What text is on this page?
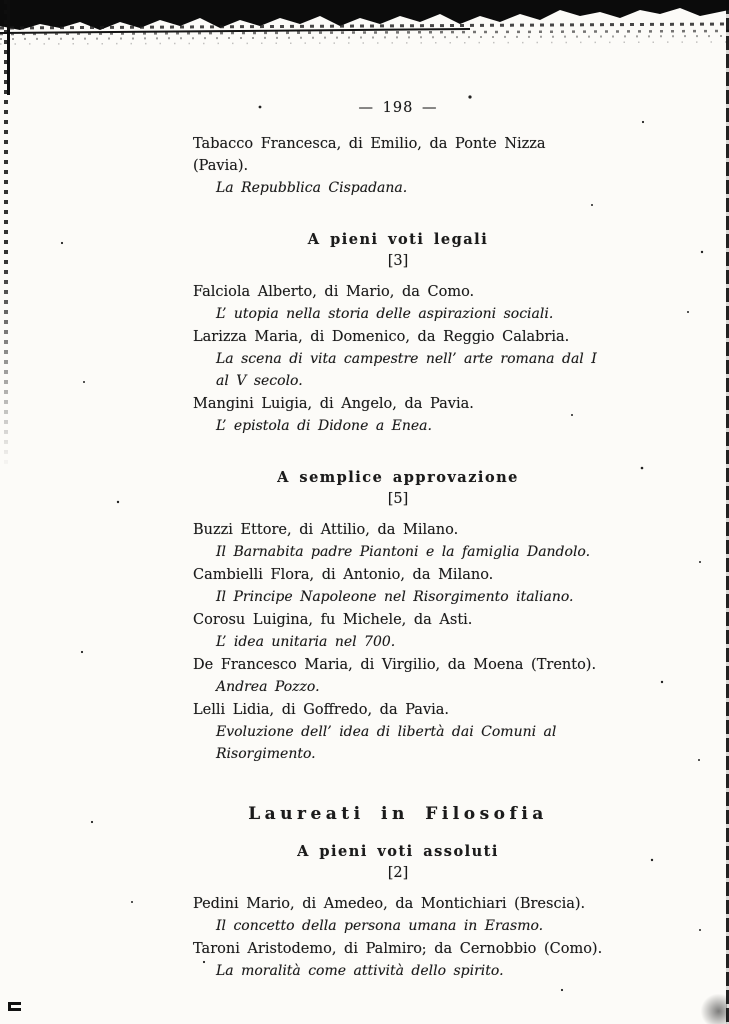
— 198 —
Tabacco Francesca, di Emilio, da Ponte Nizza (Pavia).
La Repubblica Cispadana.
A pieni voti legali
[3]
Falciola Alberto, di Mario, da Como.
L’ utopia nella storia delle aspirazioni sociali.
Larizza Maria, di Domenico, da Reggio Calabria.
La scena di vita campestre nell’ arte romana dal I al V secolo.
Mangini Luigia, di Angelo, da Pavia.
L’ epistola di Didone a Enea.
A semplice approvazione
[5]
Buzzi Ettore, di Attilio, da Milano.
Il Barnabita padre Piantoni e la famiglia Dandolo.
Cambielli Flora, di Antonio, da Milano.
Il Principe Napoleone nel Risorgimento italiano.
Corosu Luigina, fu Michele, da Asti.
L’ idea unitaria nel 700.
De Francesco Maria, di Virgilio, da Moena (Trento).
Andrea Pozzo.
Lelli Lidia, di Goffredo, da Pavia.
Evoluzione dell’ idea di libertà dai Comuni al Risorgimento.
Laureati in Filosofia
A pieni voti assoluti
[2]
Pedini Mario, di Amedeo, da Montichiari (Brescia).
Il concetto della persona umana in Erasmo.
Taroni Aristodemo, di Palmiro, da Cernobbio (Como).
La moralità come attività dello spirito.
